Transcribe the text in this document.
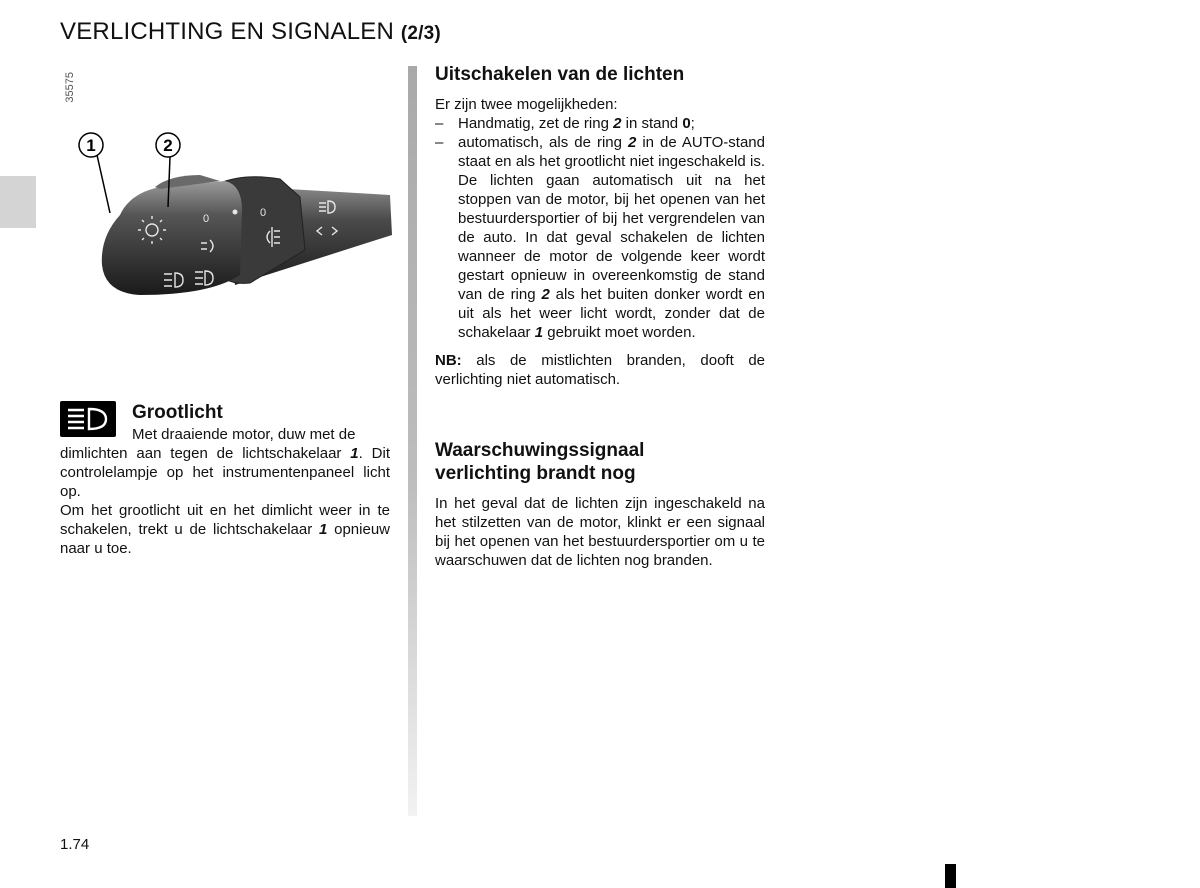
VERLICHTING EN SIGNALEN (2/3)
35575
0	0
1	2
Grootlicht
Met draaiende motor, duw met de
dimlichten aan tegen de lichtschakelaar 1. Dit controlelampje op het instrumentenpaneel licht op.
Om het grootlicht uit en het dimlicht weer in te schakelen, trekt u de lichtschakelaar 1 opnieuw naar u toe.
Uitschakelen van de lichten
Er zijn twee mogelijkheden:
– Handmatig, zet de ring 2 in stand 0;
– automatisch, als de ring 2 in de AUTO-stand staat en als het grootlicht niet ingeschakeld is. De lichten gaan automatisch uit na het stoppen van de motor, bij het openen van het bestuurdersportier of bij het vergrendelen van de auto. In dat geval schakelen de lichten wanneer de motor de volgende keer wordt gestart opnieuw in overeenkomstig de stand van de ring 2 als het buiten donker wordt en uit als het weer licht wordt, zonder dat de schakelaar 1 gebruikt moet worden.
NB: als de mistlichten branden, dooft de verlichting niet automatisch.
Waarschuwingssignaal
verlichting brandt nog
In het geval dat de lichten zijn ingeschakeld na het stilzetten van de motor, klinkt er een signaal bij het openen van het bestuurdersportier om u te waarschuwen dat de lichten nog branden.
1.74
